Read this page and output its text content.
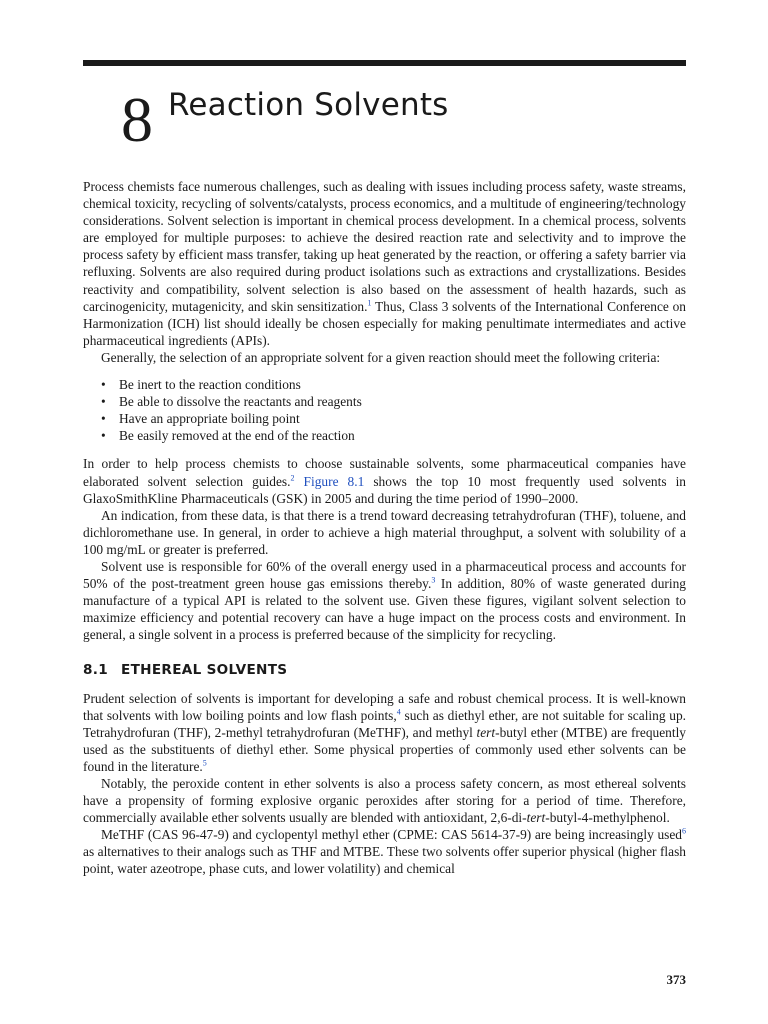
8 Reaction Solvents

Process chemists face numerous challenges, such as dealing with issues including process safety, waste streams, chemical toxicity, recycling of solvents/catalysts, process economics, and a multitude of engineering/technology considerations. Solvent selection is important in chemical process development. In a chemical process, solvents are employed for multiple purposes: to achieve the desired reaction rate and selectivity and to improve the process safety by efficient mass transfer, taking up heat generated by the reaction, or offering a safety barrier via refluxing. Solvents are also required during product isolations such as extractions and crystallizations. Besides reactivity and compatibility, solvent selection is also based on the assessment of health hazards, such as carcinogenicity, mutagenicity, and skin sensitization.$^1$ Thus, Class 3 solvents of the International Conference on Harmonization (ICH) list should ideally be chosen especially for making penultimate intermediates and active pharmaceutical ingredients (APIs).

Generally, the selection of an appropriate solvent for a given reaction should meet the following criteria:

• Be inert to the reaction conditions
• Be able to dissolve the reactants and reagents
• Have an appropriate boiling point
• Be easily removed at the end of the reaction

In order to help process chemists to choose sustainable solvents, some pharmaceutical companies have elaborated solvent selection guides.$^2$ Figure 8.1 shows the top 10 most frequently used solvents in GlaxoSmithKline Pharmaceuticals (GSK) in 2005 and during the time period of 1990–2000.

An indication, from these data, is that there is a trend toward decreasing tetrahydrofuran (THF), toluene, and dichloromethane use. In general, in order to achieve a high material throughput, a solvent with solubility of a 100 mg/mL or greater is preferred.

Solvent use is responsible for 60% of the overall energy used in a pharmaceutical process and accounts for 50% of the post-treatment green house gas emissions thereby.$^3$ In addition, 80% of waste generated during manufacture of a typical API is related to the solvent use. Given these figures, vigilant solvent selection to maximize efficiency and potential recovery can have a huge impact on the process costs and environment. In general, a single solvent in a process is preferred because of the simplicity for recycling.

8.1 ETHEREAL SOLVENTS

Prudent selection of solvents is important for developing a safe and robust chemical process. It is well-known that solvents with low boiling points and low flash points,$^4$ such as diethyl ether, are not suitable for scaling up. Tetrahydrofuran (THF), 2-methyl tetrahydrofuran (MeTHF), and methyl tert-butyl ether (MTBE) are frequently used as the substituents of diethyl ether. Some physical properties of commonly used ether solvents can be found in the literature.$^5$

Notably, the peroxide content in ether solvents is also a process safety concern, as most ethereal solvents have a propensity of forming explosive organic peroxides after storing for a period of time. Therefore, commercially available ether solvents usually are blended with antioxidant, 2,6-di-tert-butyl-4-methylphenol.

MeTHF (CAS 96-47-9) and cyclopentyl methyl ether (CPME: CAS 5614-37-9) are being increasingly used$^6$ as alternatives to their analogs such as THF and MTBE. These two solvents offer superior physical (higher flash point, water azeotrope, phase cuts, and lower volatility) and chemical

373
